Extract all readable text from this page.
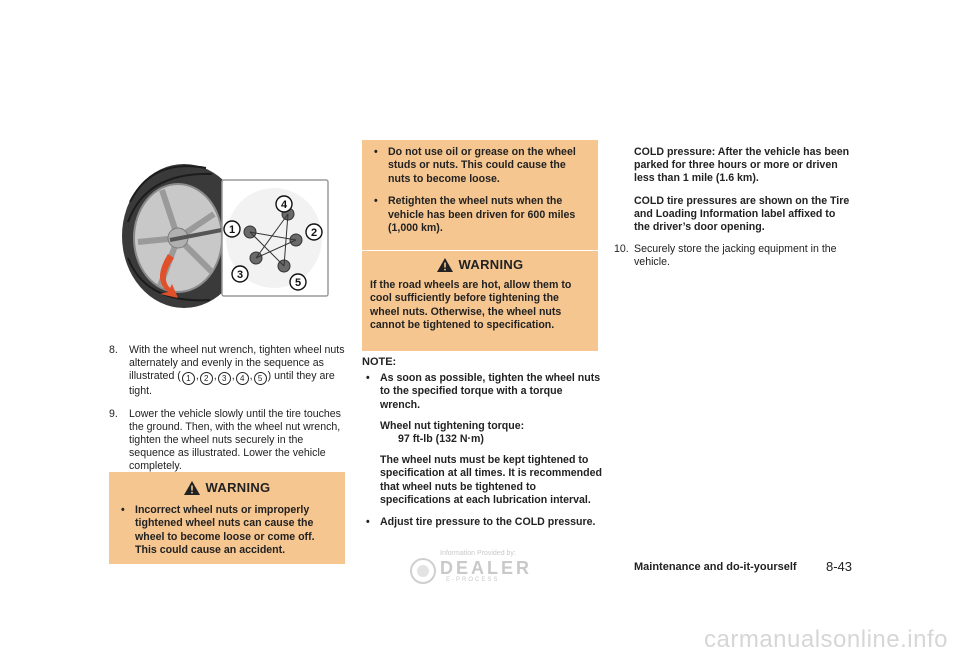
1	2
3
4
5
8. With the wheel nut wrench, tighten wheel nuts alternately and evenly in the sequence as illustrated ( 1 , 2 , 3 , 4 , 5 ) until they are tight.
9. Lower the vehicle slowly until the tire touches the ground. Then, with the wheel nut wrench, tighten the wheel nuts securely in the sequence as illustrated. Lower the vehicle completely.
WARNING
• Incorrect wheel nuts or improperly tightened wheel nuts can cause the wheel to become loose or come off. This could cause an accident.
• Do not use oil or grease on the wheel studs or nuts. This could cause the nuts to become loose.
• Retighten the wheel nuts when the vehicle has been driven for 600 miles (1,000 km).
WARNING
If the road wheels are hot, allow them to cool sufficiently before tightening the wheel nuts. Otherwise, the wheel nuts cannot be tightened to specification.
NOTE:
• As soon as possible, tighten the wheel nuts to the specified torque with a torque wrench.
Wheel nut tightening torque:
97 ft-lb (132 N·m)
The wheel nuts must be kept tightened to specification at all times. It is recommended that wheel nuts be tightened to specifications at each lubrication interval.
• Adjust tire pressure to the COLD pressure.
COLD pressure: After the vehicle has been parked for three hours or more or driven less than 1 mile (1.6 km).
COLD tire pressures are shown on the Tire and Loading Information label affixed to the driver’s door opening.
10. Securely store the jacking equipment in the vehicle.
Information Provided by:
DEALER
E-PROCESS
Maintenance and do-it-yourself 8-43
carmanualsonline.info
